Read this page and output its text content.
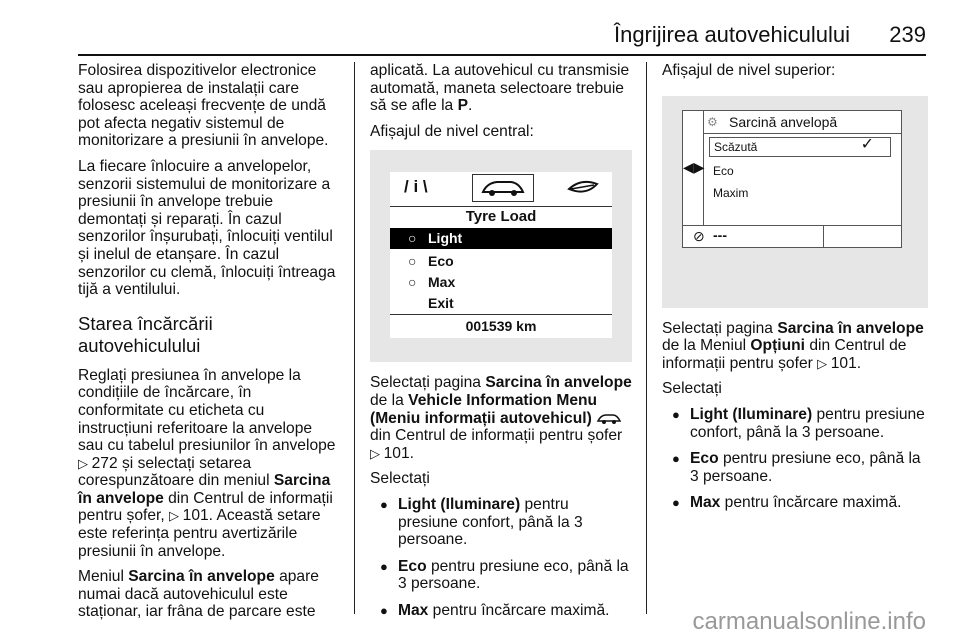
Îngrijirea autovehiculului 239

Folosirea dispozitivelor electronice sau apropierea de instalații care folosesc aceleași frecvențe de undă pot afecta negativ sistemul de monitorizare a presiunii în anvelope.

La fiecare înlocuire a anvelopelor, senzorii sistemului de monitorizare a presiunii în anvelope trebuie demontați și reparați. În cazul senzorilor înșurubați, înlocuiți ventilul și inelul de etanșare. În cazul senzorilor cu clemă, înlocuiți întreaga tijă a ventilului.

Starea încărcării autovehiculului

Reglați presiunea în anvelope la condițiile de încărcare, în conformitate cu eticheta cu instrucțiuni referitoare la anvelope sau cu tabelul presiunilor în anvelope ▷ 272 și selectați setarea corespunzătoare din meniul Sarcina în anvelope din Centrul de informații pentru șofer, ▷ 101. Această setare este referința pentru avertizările presiunii în anvelope.

Meniul Sarcina în anvelope apare numai dacă autovehiculul este staționar, iar frâna de parcare este

aplicată. La autovehicul cu transmisie automată, maneta selectoare trebuie să se afle la P.

Afișajul de nivel central:

/ i \
Tyre Load
○ Light
○ Eco
○ Max
Exit
001539 km

Selectați pagina Sarcina în anvelope de la Vehicle Information Menu (Meniu informații autovehicul)  din Centrul de informații pentru șofer ▷ 101.

Selectați

● Light (Iluminare) pentru presiune confort, până la 3 persoane.
● Eco pentru presiune eco, până la 3 persoane.
● Max pentru încărcare maximă.

Afișajul de nivel superior:

◀▶
⚙ Sarcină anvelopă
Scăzută	✓
Eco
Maxim
⊘ ---

Selectați pagina Sarcina în anvelope de la Meniul Opțiuni din Centrul de informații pentru șofer ▷ 101.

Selectați

● Light (Iluminare) pentru presiune confort, până la 3 persoane.
● Eco pentru presiune eco, până la 3 persoane.
● Max pentru încărcare maximă.
carmanualsonline.info
